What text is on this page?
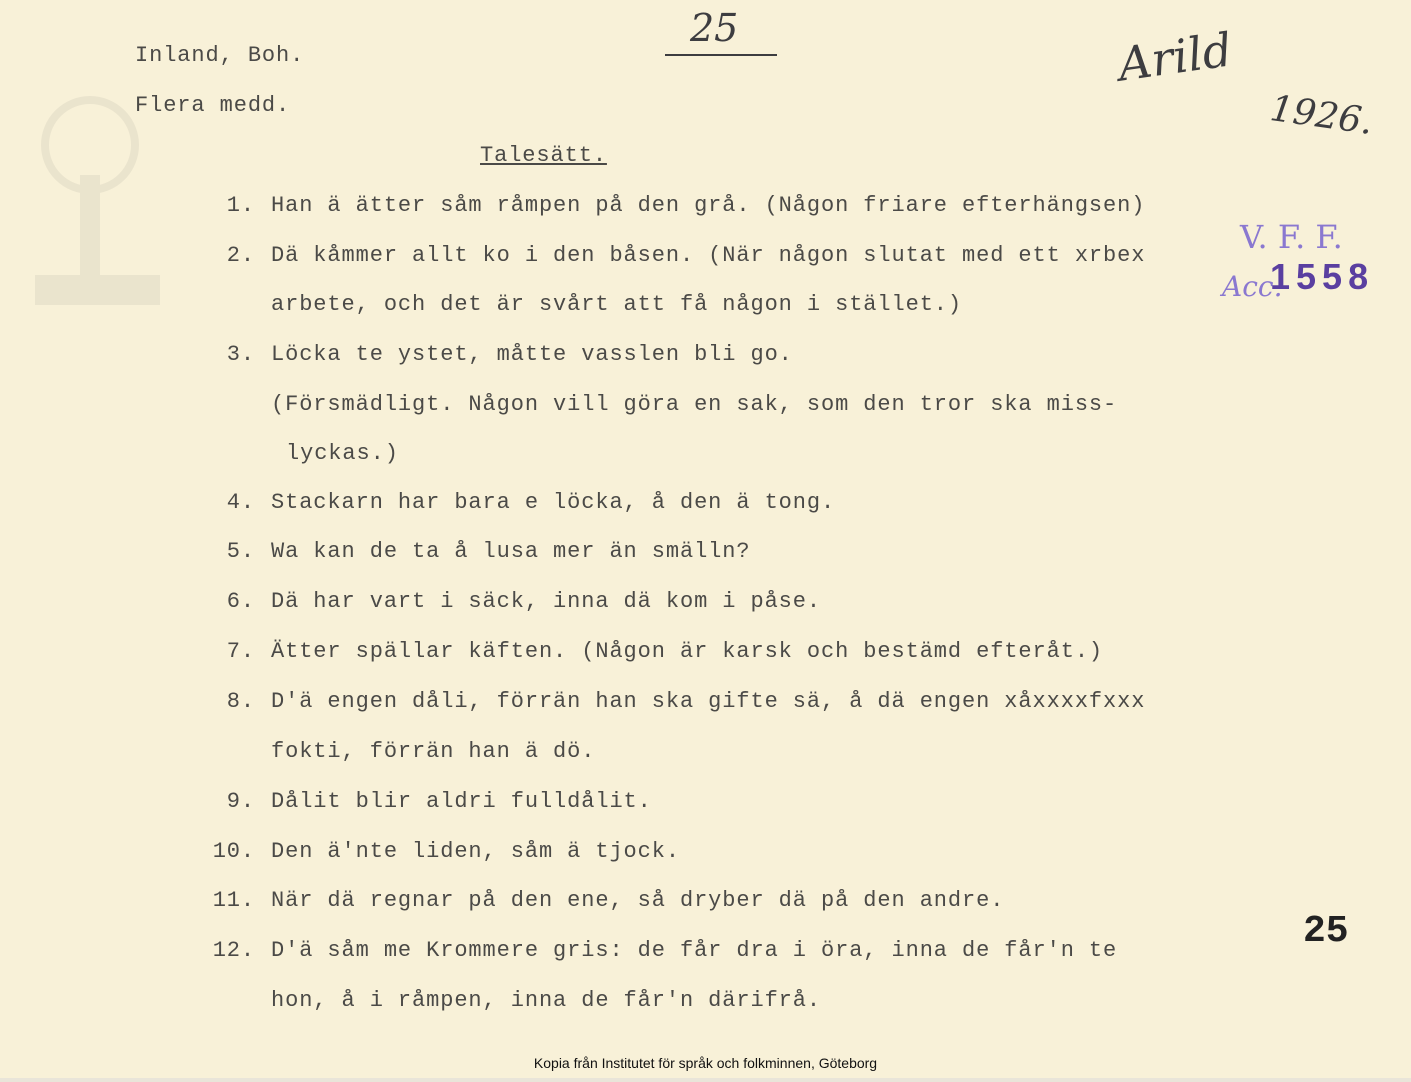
Inland, Boh.
Flera medd.
25	Arild
1926.
Talesätt.
V. F. F.
Acc.
1558
1. Han ä ätter såm råmpen på den grå. (Någon friare efterhängsen)
2. Dä kåmmer allt ko i den båsen. (När någon slutat med ett xrbex
arbete, och det är svårt att få någon i stället.)
3. Löcka te ystet, måtte vasslen bli go.
(Försmädligt. Någon vill göra en sak, som den tror ska miss-
lyckas.)
4. Stackarn har bara e löcka, å den ä tong.
5. Wa kan de ta å lusa mer än smälln?
6. Dä har vart i säck, inna dä kom i påse.
7. Ätter spällar käften. (Någon är karsk och bestämd efteråt.)
8. D'ä engen dåli, förrän han ska gifte sä, å dä engen xåxxxxfxxx
fokti, förrän han ä dö.
9. Dålit blir aldri fulldålit.
10. Den ä'nte liden, såm ä tjock.
11. När dä regnar på den ene, så dryber dä på den andre.
12. D'ä såm me Krommere gris: de får dra i öra, inna de får'n te
hon, å i råmpen, inna de får'n därifrå.
25
Kopia från Institutet för språk och folkminnen, Göteborg
